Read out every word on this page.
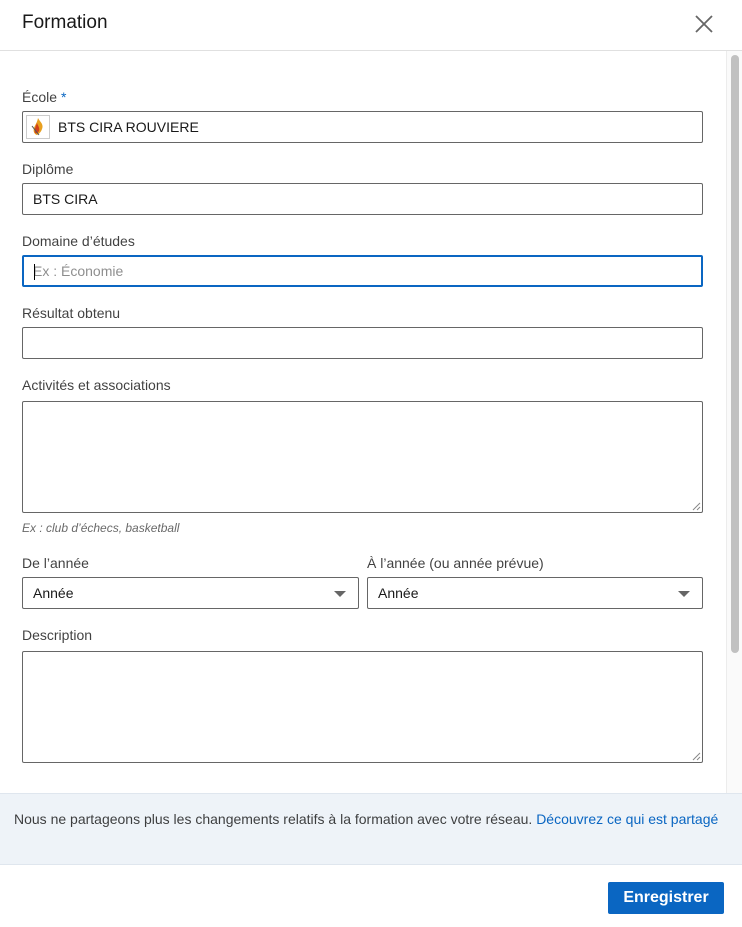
Formation
École *
BTS CIRA ROUVIERE
Diplôme
BTS CIRA
Domaine d’études
Ex : Économie
Résultat obtenu
Activités et associations
Ex : club d’échecs, basketball
De l’année	À l’année (ou année prévue)
Année	Année
Description
Nous ne partageons plus les changements relatifs à la formation avec votre réseau. Découvrez ce qui est partagé
Enregistrer
